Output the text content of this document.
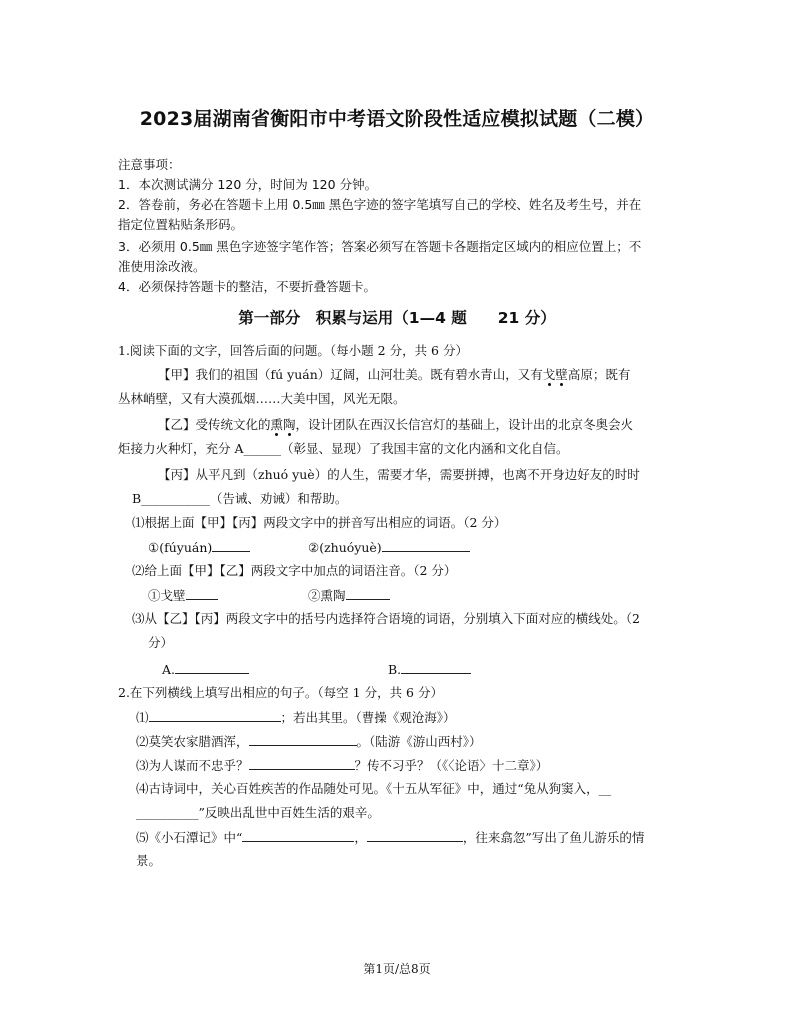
2023届湖南省衡阳市中考语文阶段性适应模拟试题（二模）
注意事项：
1．本次测试满分 120 分，时间为 120 分钟。
2．答卷前，务必在答题卡上用 0.5㎜ 黑色字迹的签字笔填写自己的学校、姓名及考生号，并在
指定位置粘贴条形码。
3．必须用 0.5㎜ 黑色字迹签字笔作答；答案必须写在答题卡各题指定区域内的相应位置上；不
准使用涂改液。
4．必须保持答题卡的整洁，不要折叠答题卡。
第一部分　积累与运用（1—4 题　　21 分）
1.阅读下面的文字，回答后面的问题。（每小题 2 分，共 6 分）
【甲】我们的祖国（fú yuán）辽阔，山河壮美。既有碧水青山，又有戈壁高原；既有
丛林峭壁，又有大漠孤烟……大美中国，风光无限。
【乙】受传统文化的熏陶，设计团队在西汉长信宫灯的基础上，设计出的北京冬奥会火
炬接力火种灯，充分 A______（彰显、显现）了我国丰富的文化内涵和文化自信。
【丙】从平凡到（zhuó yuè）的人生，需要才华，需要拼搏，也离不开身边好友的时时
B___________（告诫、劝诫）和帮助。
⑴根据上面【甲】【丙】两段文字中的拼音写出相应的词语。（2 分）
①(fúyuán)	②(zhuóyuè)
⑵给上面【甲】【乙】两段文字中加点的词语注音。（2 分）
①戈壁	②熏陶
⑶从【乙】【丙】两段文字中的括号内选择符合语境的词语，分别填入下面对应的横线处。（2
分）
A.	B.
2.在下列横线上填写出相应的句子。（每空 1 分，共 6 分）
⑴	；若出其里。（曹操《观沧海》）
⑵莫笑农家腊酒浑，	。（陆游《游山西村》）
⑶为人谋而不忠乎？	？传不习乎？（《〈论语〉十二章》）
⑷古诗词中，关心百姓疾苦的作品随处可见。《十五从军征》中，通过“兔从狗窦入，__
__________”反映出乱世中百姓生活的艰辛。
⑸《小石潭记》中“	，	，往来翕忽”写出了鱼儿游乐的情
景。
第1页/总8页
